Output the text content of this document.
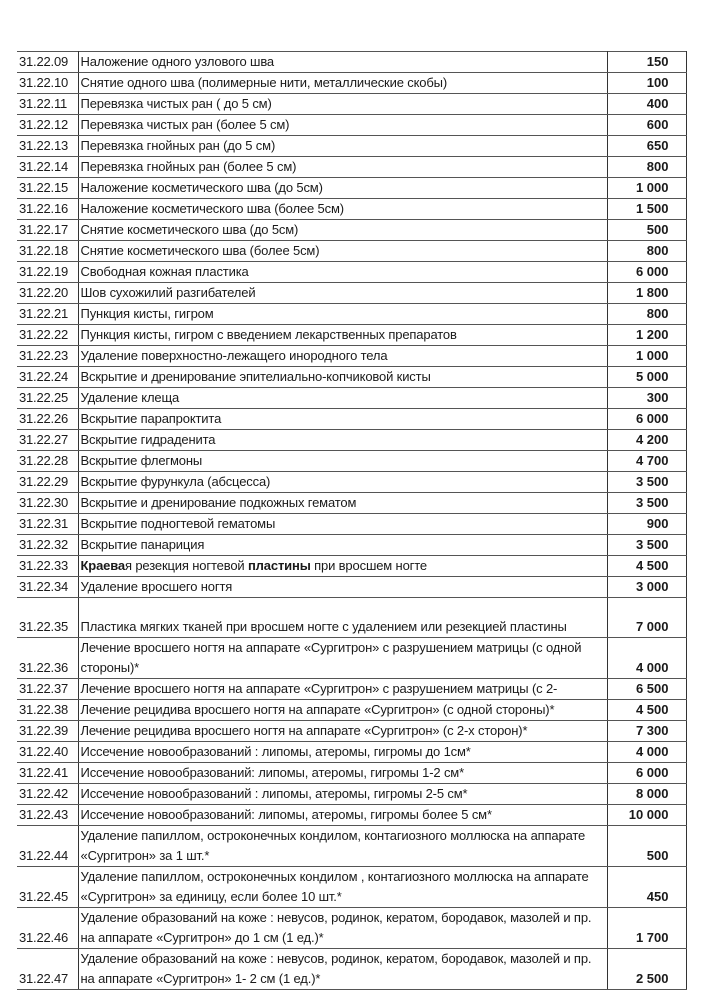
31.22.09	Наложение одного узлового шва	150
31.22.10	Снятие одного шва (полимерные нити, металлические скобы)	100
31.22.11	Перевязка чистых ран ( до 5 см)	400
31.22.12	Перевязка чистых ран (более 5 см)	600
31.22.13	Перевязка гнойных ран (до 5 см)	650
31.22.14	Перевязка гнойных ран (более 5 см)	800
31.22.15	Наложение косметического шва (до 5см)	1 000
31.22.16	Наложение косметического шва (более 5см)	1 500
31.22.17	Снятие косметического шва (до 5см)	500
31.22.18	Снятие косметического шва (более 5см)	800
31.22.19	Свободная кожная пластика	6 000
31.22.20	Шов сухожилий разгибателей	1 800
31.22.21	Пункция кисты, гигром	800
31.22.22	Пункция кисты, гигром с введением лекарственных препаратов	1 200
31.22.23	Удаление поверхностно-лежащего инородного тела	1 000
31.22.24	Вскрытие и дренирование эпителиально-копчиковой кисты	5 000
31.22.25	Удаление клеща	300
31.22.26	Вскрытие парапроктита	6 000
31.22.27	Вскрытие гидраденита	4 200
31.22.28	Вскрытие флегмоны	4 700
31.22.29	Вскрытие фурункула (абсцесса)	3 500
31.22.30	Вскрытие и дренирование подкожных гематом	3 500
31.22.31	Вскрытие подногтевой гематомы	900
31.22.32	Вскрытие панариция	3 500
31.22.33	Краевая резекция ногтевой пластины при вросшем ногте	4 500
31.22.34	Удаление вросшего ногтя	3 000
31.22.35	Пластика мягких тканей при вросшем ногте с удалением или резекцией пластины	7 000
31.22.36	Лечение вросшего ногтя на аппарате «Сургитрон» с разрушением матрицы (с одной стороны)*	4 000
31.22.37	Лечение вросшего ногтя на аппарате «Сургитрон» с разрушением матрицы (с 2-	6 500
31.22.38	Лечение рецидива вросшего ногтя на аппарате «Сургитрон» (с одной стороны)*	4 500
31.22.39	Лечение рецидива вросшего ногтя на аппарате «Сургитрон» (с 2-х сторон)*	7 300
31.22.40	Иссечение новообразований : липомы, атеромы, гигромы до 1см*	4 000
31.22.41	Иссечение новообразований: липомы, атеромы, гигромы 1-2 см*	6 000
31.22.42	Иссечение новообразований : липомы, атеромы, гигромы 2-5 см*	8 000
31.22.43	Иссечение новообразований: липомы, атеромы, гигромы более 5 см*	10 000
31.22.44	Удаление папиллом, остроконечных кондилом, контагиозного моллюска на аппарате «Сургитрон» за 1 шт.*	500
31.22.45	Удаление папиллом, остроконечных кондилом , контагиозного моллюска на аппарате «Сургитрон» за единицу, если более 10 шт.*	450
31.22.46	Удаление образований на коже : невусов, родинок, кератом, бородавок, мазолей и пр. на аппарате «Сургитрон» до 1 см (1 ед.)*	1 700
31.22.47	Удаление образований на коже : невусов, родинок, кератом, бородавок, мазолей и пр. на аппарате «Сургитрон» 1- 2 см (1 ед.)*	2 500
